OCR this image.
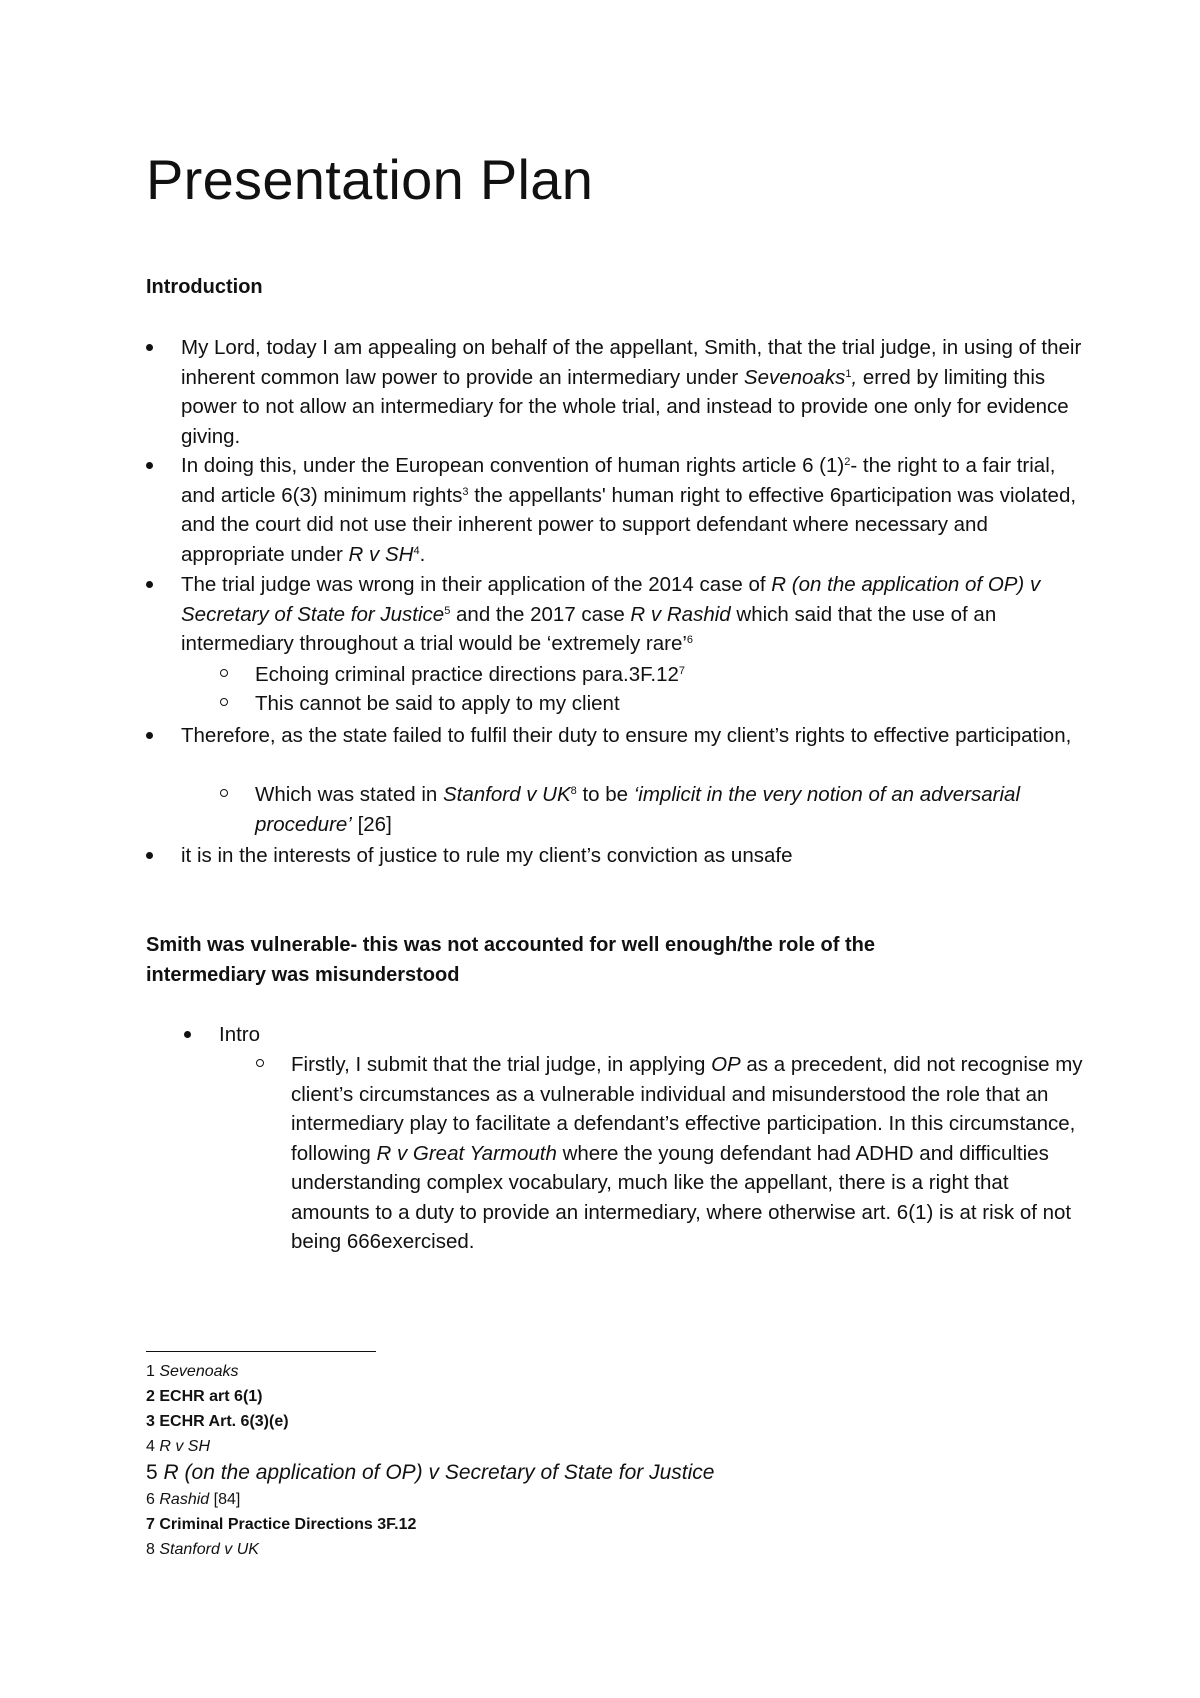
Presentation Plan
Introduction
My Lord, today I am appealing on behalf of the appellant, Smith, that the trial judge, in using of their inherent common law power to provide an intermediary under Sevenoaks$^1$, erred by limiting this power to not allow an intermediary for the whole trial, and instead to provide one only for evidence giving.
In doing this, under the European convention of human rights article 6 $(1)^2-$ the right to a fair trial, and article 6(3) minimum rights$^3$ the appellants' human right to effective 6participation was violated, and the court did not use their inherent power to support defendant where necessary and appropriate under R v $SH^4$.
The trial judge was wrong in their application of the 2014 case of R (on the application of OP) v Secretary of State for Justice$^5$ and the 2017 case R v Rashid which said that the use of an intermediary throughout a trial would be ‘extremely rare’$^6$
Echoing criminal practice directions $para.3F.12^7$
This cannot be said to apply to my client
Therefore, as the state failed to fulfil their duty to ensure my client’s rights to effective participation,
Which was stated in Stanford v $UK^8$ to be ‘implicit in the very notion of an adversarial procedure’ [26]
it is in the interests of justice to rule my client’s conviction as unsafe
Smith was vulnerable- this was not accounted for well enough/the role of the
intermediary was misunderstood
Intro
Firstly, I submit that the trial judge, in applying OP as a precedent, did not recognise my client’s circumstances as a vulnerable individual and misunderstood the role that an intermediary play to facilitate a defendant’s effective participation. In this circumstance, following R v Great Yarmouth where the young defendant had ADHD and difficulties understanding complex vocabulary, much like the appellant, there is a right that amounts to a duty to provide an intermediary, where otherwise art. 6(1) is at risk of not being 666exercised.
1 Sevenoaks
2 ECHR art 6(1)
3 ECHR Art. 6(3)(e)
4 R v SH
5 R (on the application of OP) v Secretary of State for Justice
6 Rashid [84]
7 Criminal Practice Directions 3F.12
8 Stanford v UK
